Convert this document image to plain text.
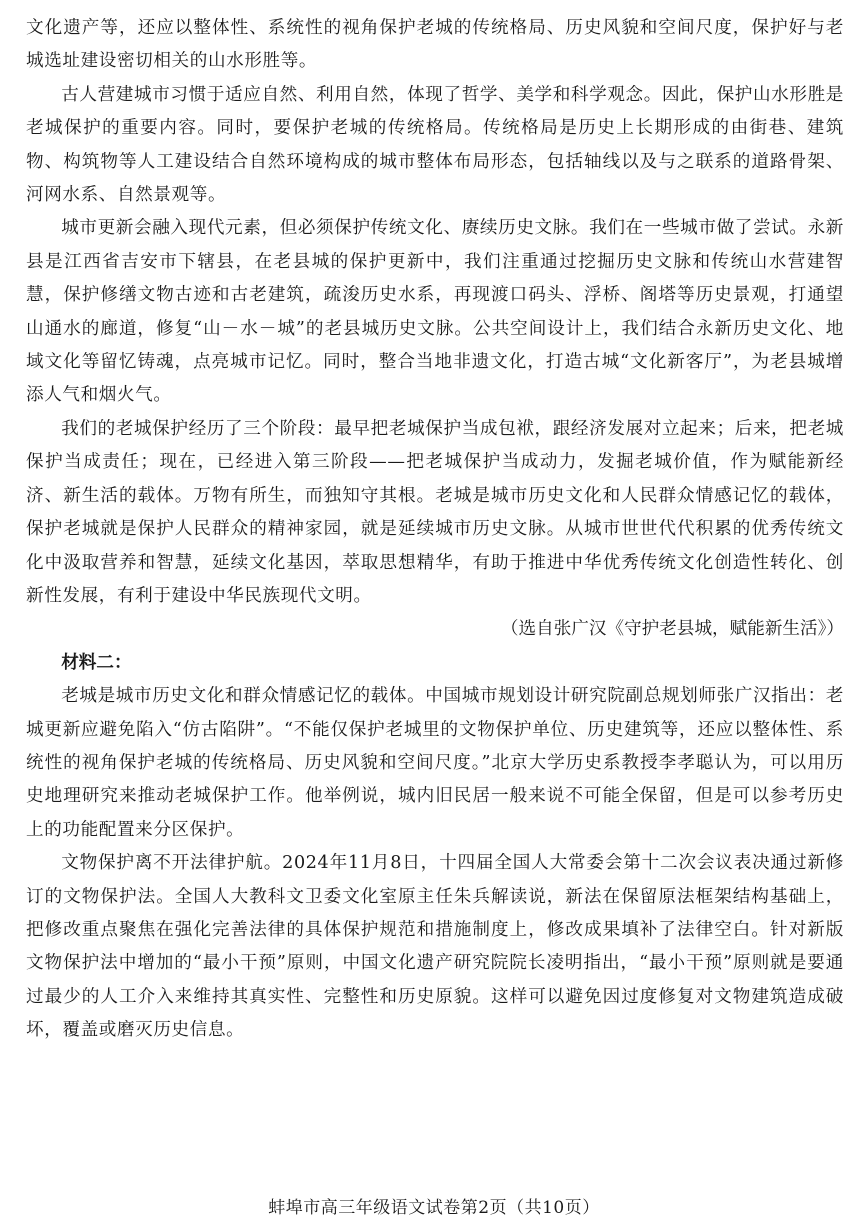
文化遗产等，还应以整体性、系统性的视角保护老城的传统格局、历史风貌和空间尺度，保护好与老城选址建设密切相关的山水形胜等。

古人营建城市习惯于适应自然、利用自然，体现了哲学、美学和科学观念。因此，保护山水形胜是老城保护的重要内容。同时，要保护老城的传统格局。传统格局是历史上长期形成的由街巷、建筑物、构筑物等人工建设结合自然环境构成的城市整体布局形态，包括轴线以及与之联系的道路骨架、河网水系、自然景观等。

城市更新会融入现代元素，但必须保护传统文化、赓续历史文脉。我们在一些城市做了尝试。永新县是江西省吉安市下辖县，在老县城的保护更新中，我们注重通过挖掘历史文脉和传统山水营建智慧，保护修缮文物古迹和古老建筑，疏浚历史水系，再现渡口码头、浮桥、阁塔等历史景观，打通望山通水的廊道，修复“山－水－城”的老县城历史文脉。公共空间设计上，我们结合永新历史文化、地域文化等留忆铸魂，点亮城市记忆。同时，整合当地非遗文化，打造古城“文化新客厅”，为老县城增添人气和烟火气。

我们的老城保护经历了三个阶段：最早把老城保护当成包袱，跟经济发展对立起来；后来，把老城保护当成责任；现在，已经进入第三阶段——把老城保护当成动力，发掘老城价值，作为赋能新经济、新生活的载体。万物有所生，而独知守其根。老城是城市历史文化和人民群众情感记忆的载体，保护老城就是保护人民群众的精神家园，就是延续城市历史文脉。从城市世世代代积累的优秀传统文化中汲取营养和智慧，延续文化基因，萃取思想精华，有助于推进中华优秀传统文化创造性转化、创新性发展，有利于建设中华民族现代文明。

（选自张广汉《守护老县城，赋能新生活》）

材料二：

老城是城市历史文化和群众情感记忆的载体。中国城市规划设计研究院副总规划师张广汉指出：老城更新应避免陷入“仿古陷阱”。“不能仅保护老城里的文物保护单位、历史建筑等，还应以整体性、系统性的视角保护老城的传统格局、历史风貌和空间尺度。”北京大学历史系教授李孝聪认为，可以用历史地理研究来推动老城保护工作。他举例说，城内旧民居一般来说不可能全保留，但是可以参考历史上的功能配置来分区保护。

文物保护离不开法律护航。2024年11月8日，十四届全国人大常委会第十二次会议表决通过新修订的文物保护法。全国人大教科文卫委文化室原主任朱兵解读说，新法在保留原法框架结构基础上，把修改重点聚焦在强化完善法律的具体保护规范和措施制度上，修改成果填补了法律空白。针对新版文物保护法中增加的“最小干预”原则，中国文化遗产研究院院长凌明指出，“最小干预”原则就是要通过最少的人工介入来维持其真实性、完整性和历史原貌。这样可以避免因过度修复对文物建筑造成破坏，覆盖或磨灭历史信息。

蚌埠市高三年级语文试卷第2页（共10页）
